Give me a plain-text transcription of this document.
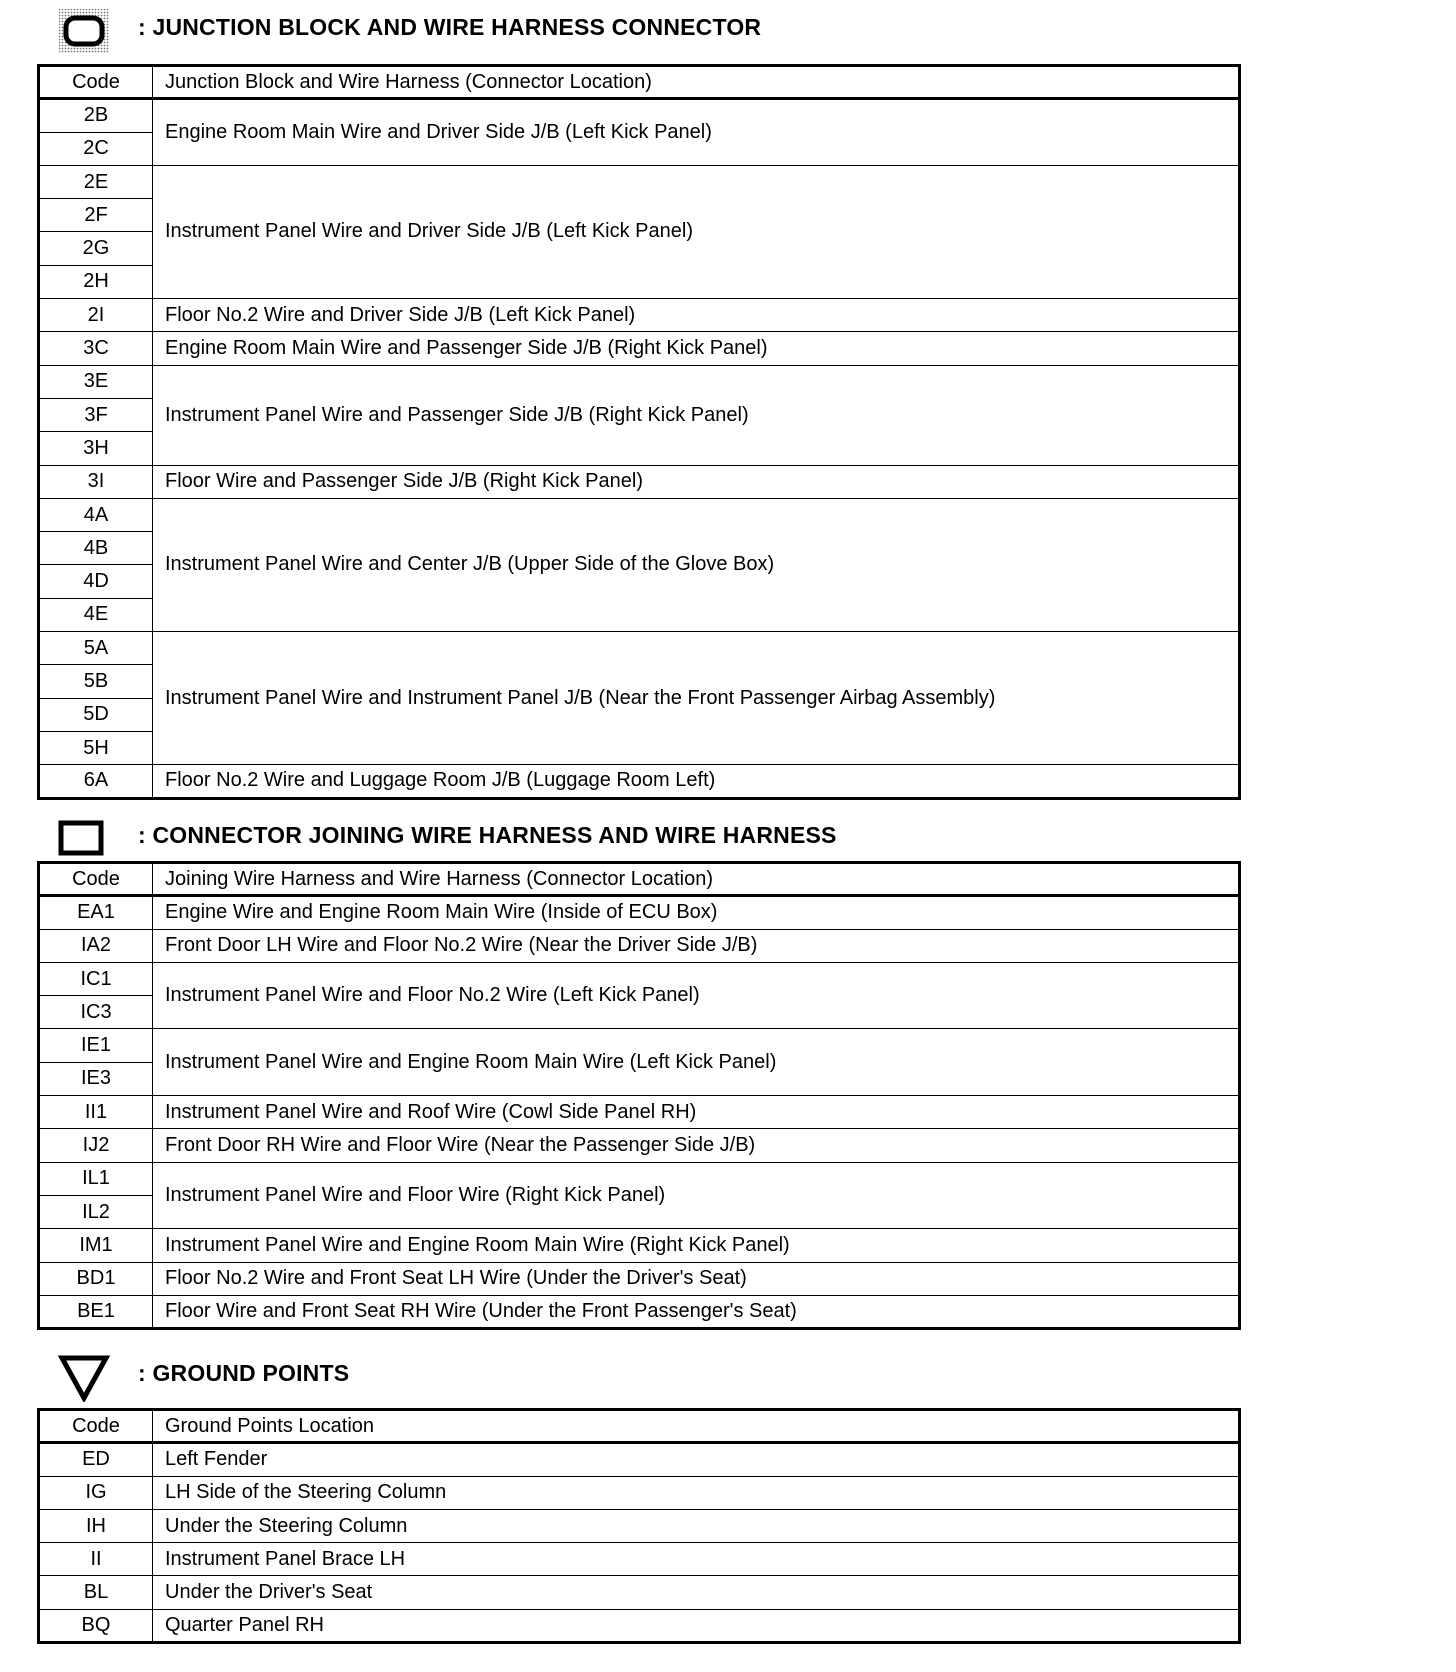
: JUNCTION BLOCK AND WIRE HARNESS CONNECTOR
Code	Junction Block and Wire Harness (Connector Location)
2B	Engine Room Main Wire and Driver Side J/B (Left Kick Panel)
2C	
2E	Instrument Panel Wire and Driver Side J/B (Left Kick Panel)
2F	
2G	
2H	
2I	Floor No.2 Wire and Driver Side J/B (Left Kick Panel)
3C	Engine Room Main Wire and Passenger Side J/B (Right Kick Panel)
3E	Instrument Panel Wire and Passenger Side J/B (Right Kick Panel)
3F	
3H	
3I	Floor Wire and Passenger Side J/B (Right Kick Panel)
4A	Instrument Panel Wire and Center J/B (Upper Side of the Glove Box)
4B	
4D	
4E	
5A	Instrument Panel Wire and Instrument Panel J/B (Near the Front Passenger Airbag Assembly)
5B	
5D	
5H	
6A	Floor No.2 Wire and Luggage Room J/B (Luggage Room Left)
: CONNECTOR JOINING WIRE HARNESS AND WIRE HARNESS
Code	Joining Wire Harness and Wire Harness (Connector Location)
EA1	Engine Wire and Engine Room Main Wire (Inside of ECU Box)
IA2	Front Door LH Wire and Floor No.2 Wire (Near the Driver Side J/B)
IC1	Instrument Panel Wire and Floor No.2 Wire (Left Kick Panel)
IC3	
IE1	Instrument Panel Wire and Engine Room Main Wire (Left Kick Panel)
IE3	
II1	Instrument Panel Wire and Roof Wire (Cowl Side Panel RH)
IJ2	Front Door RH Wire and Floor Wire (Near the Passenger Side J/B)
IL1	Instrument Panel Wire and Floor Wire (Right Kick Panel)
IL2	
IM1	Instrument Panel Wire and Engine Room Main Wire (Right Kick Panel)
BD1	Floor No.2 Wire and Front Seat LH Wire (Under the Driver's Seat)
BE1	Floor Wire and Front Seat RH Wire (Under the Front Passenger's Seat)
: GROUND POINTS
Code	Ground Points Location
ED	Left Fender
IG	LH Side of the Steering Column
IH	Under the Steering Column
II	Instrument Panel Brace LH
BL	Under the Driver's Seat
BQ	Quarter Panel RH
